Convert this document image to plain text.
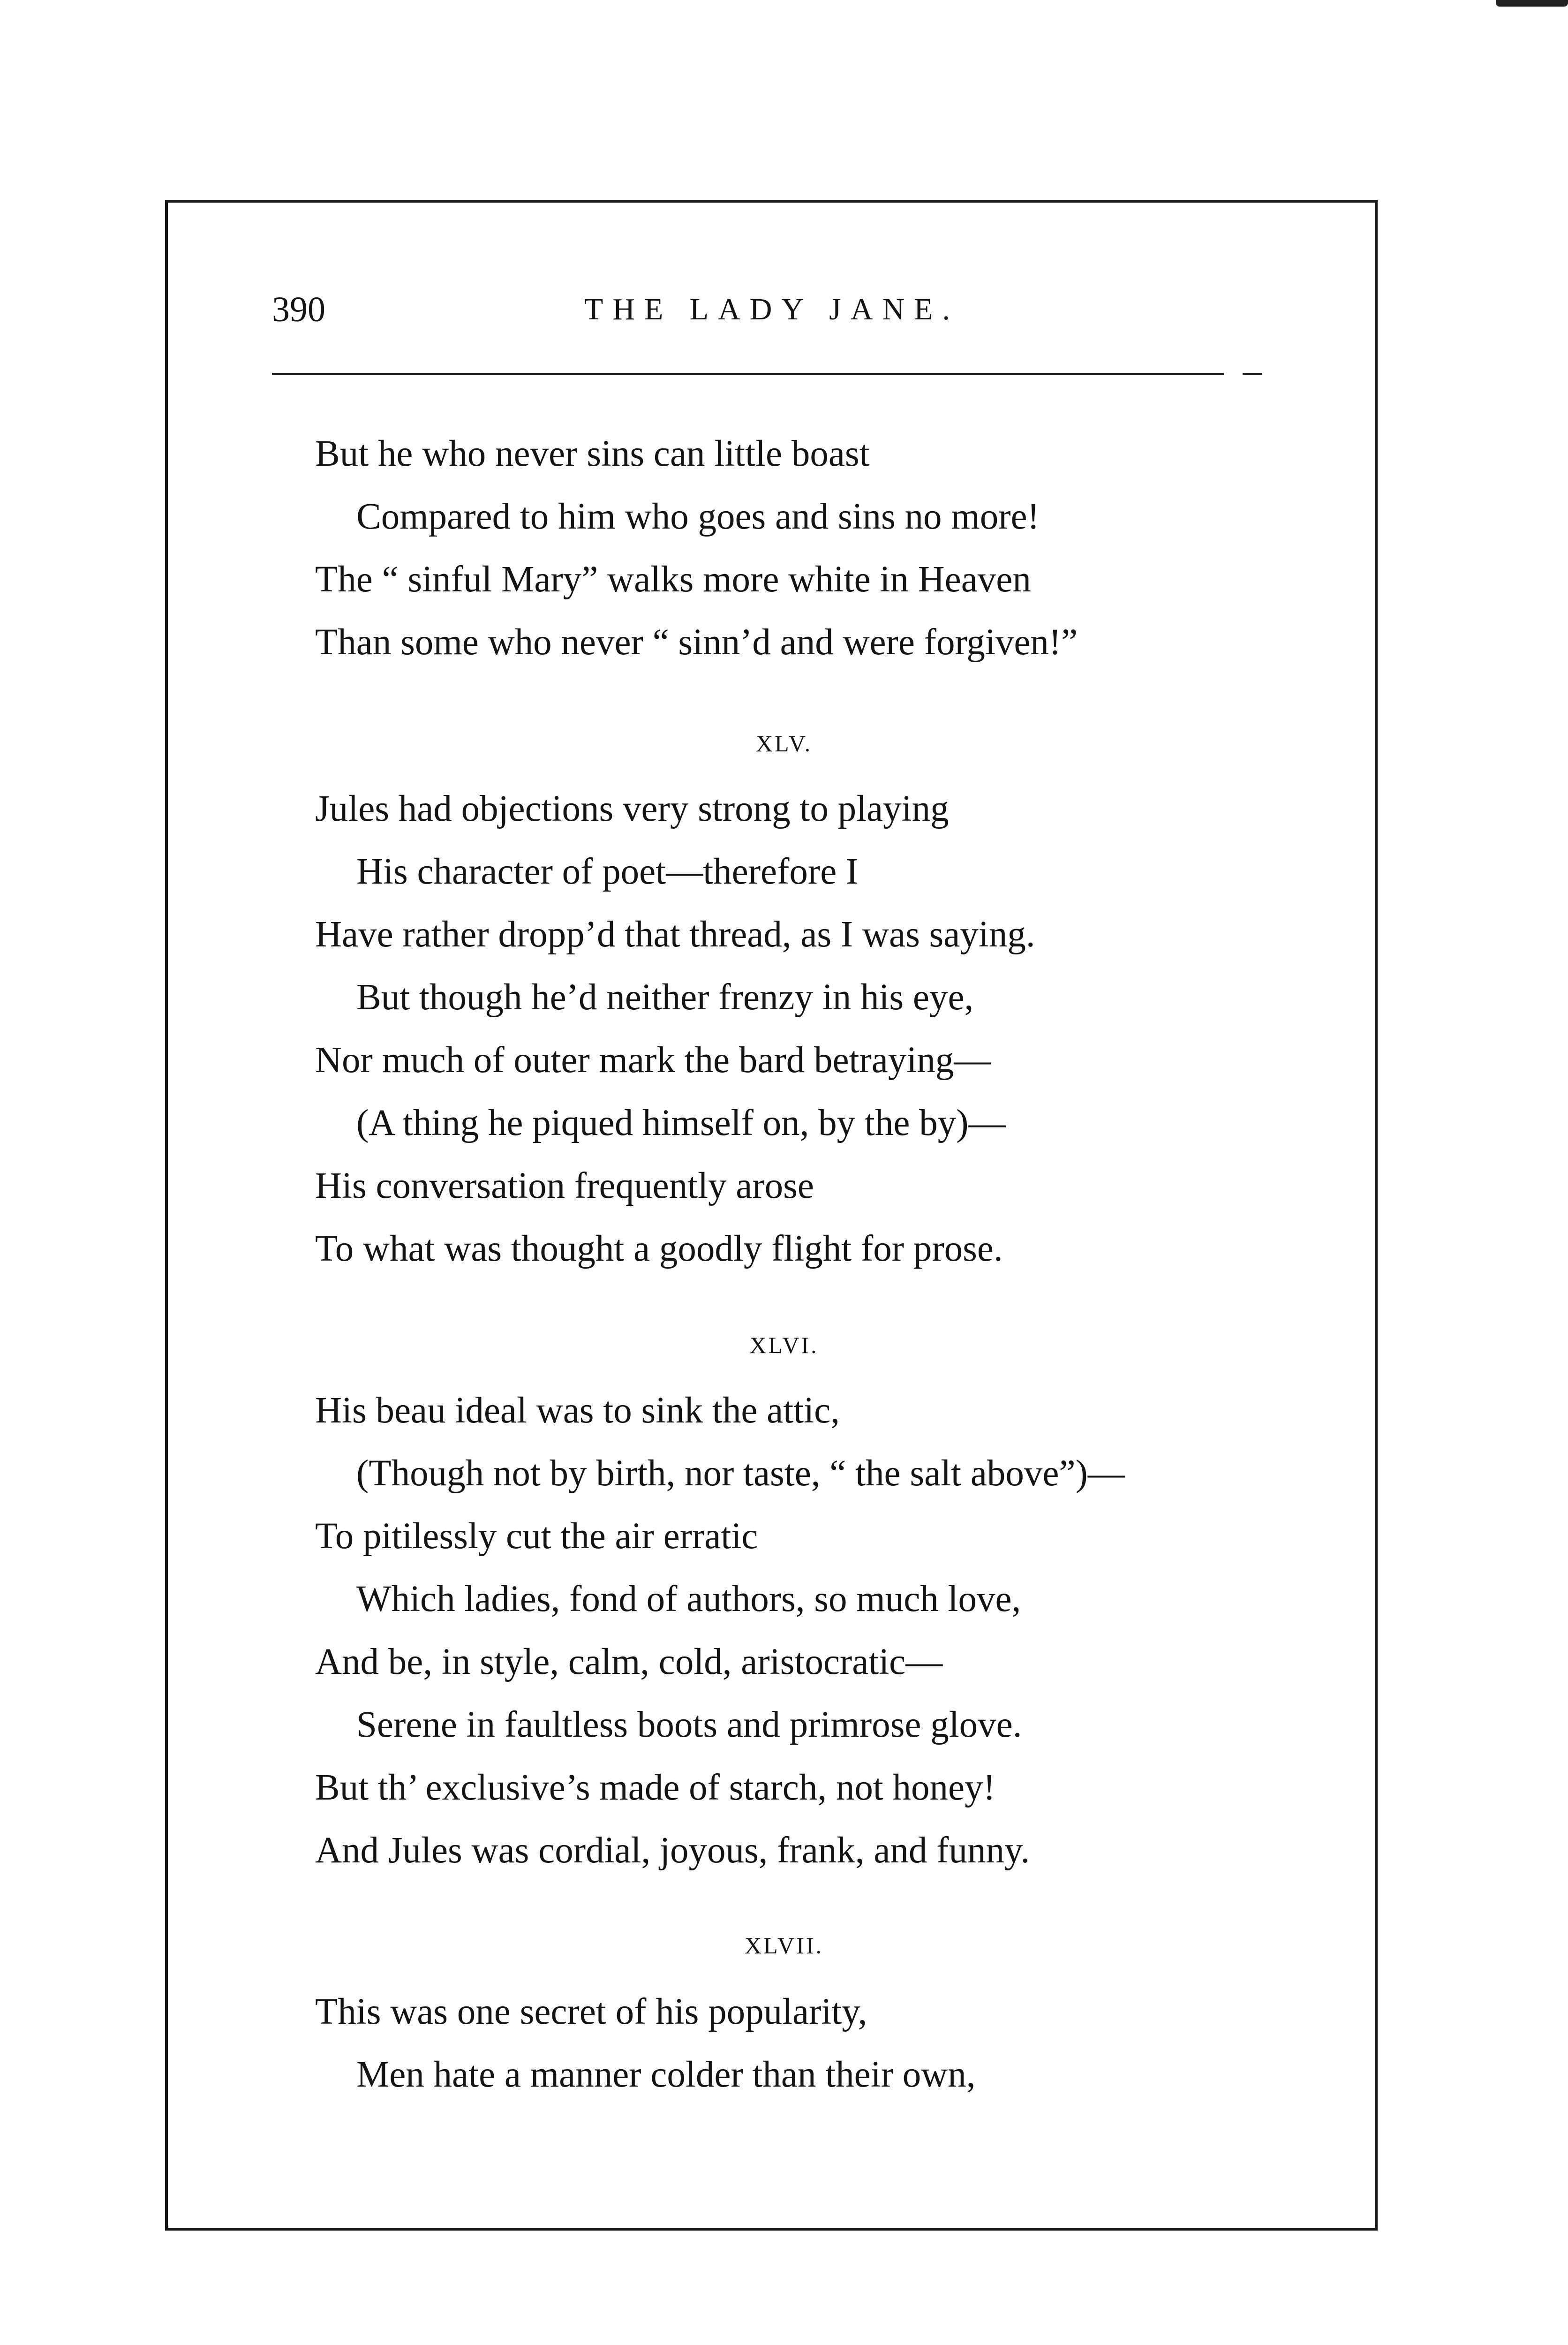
390	THE LADY JANE.
But he who never sins can little boast
Compared to him who goes and sins no more!
The “ sinful Mary” walks more white in Heaven
Than some who never “ sinn’d and were forgiven!”
XLV.
Jules had objections very strong to playing
His character of poet—therefore I
Have rather dropp’d that thread, as I was saying.
But though he’d neither frenzy in his eye,
Nor much of outer mark the bard betraying—
(A thing he piqued himself on, by the by)—
His conversation frequently arose
To what was thought a goodly flight for prose.
XLVI.
His beau ideal was to sink the attic,
(Though not by birth, nor taste, “ the salt above”)—
To pitilessly cut the air erratic
Which ladies, fond of authors, so much love,
And be, in style, calm, cold, aristocratic—
Serene in faultless boots and primrose glove.
But th’ exclusive’s made of starch, not honey!
And Jules was cordial, joyous, frank, and funny.
XLVII.
This was one secret of his popularity,
Men hate a manner colder than their own,
